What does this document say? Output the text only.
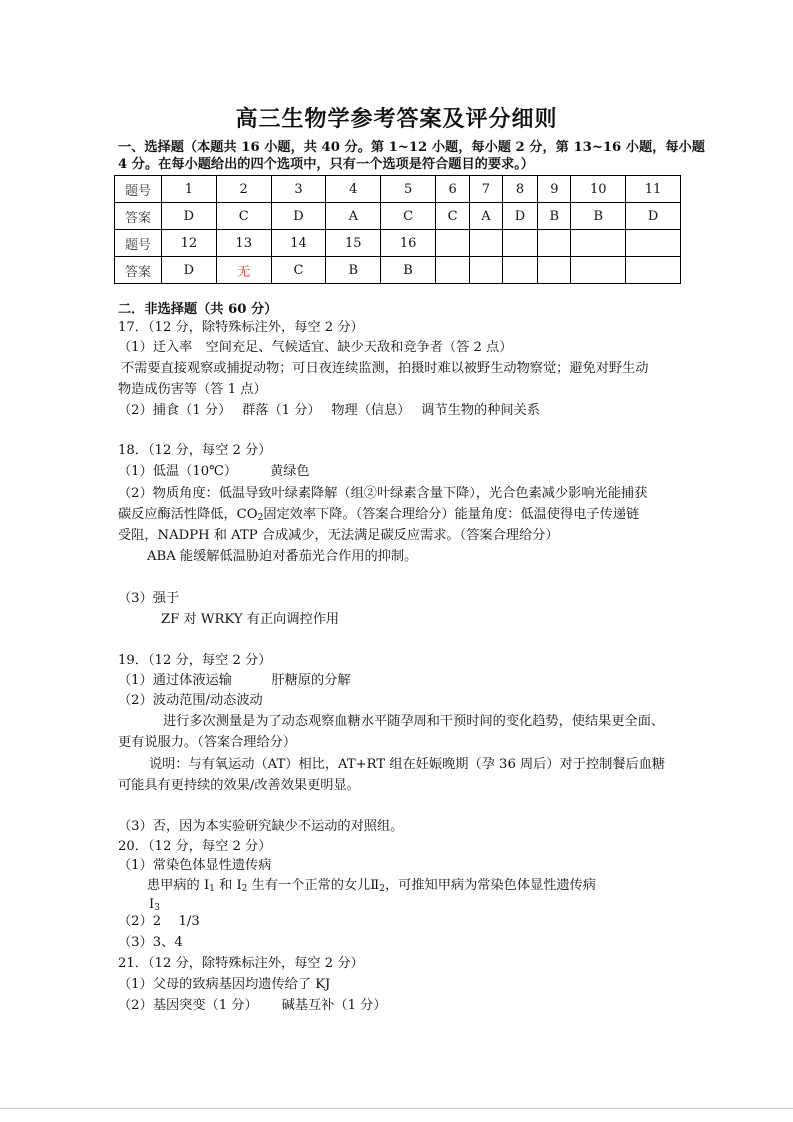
高三生物学参考答案及评分细则
一、选择题（本题共 16 小题，共 40 分。第 1~12 小题，每小题 2 分，第 13~16 小题，每小题
4 分。在每小题给出的四个选项中，只有一个选项是符合题目的要求。）
题号	1	2	3	4	5	6	7	8	9	10	11
答案	D	C	D	A	C	C	A	D	B	B	D
题号	12	13	14	15	16						
答案	D	无	C	B	B						
二．非选择题（共 60 分）
17．（12 分，除特殊标注外，每空 2 分）
（1）迁入率　空间充足、气候适宜、缺少天敌和竞争者（答 2 点）
不需要直接观察或捕捉动物；可日夜连续监测，拍摄时难以被野生动物察觉；避免对野生动
物造成伤害等（答 1 点）
（2）捕食（1 分）　 群落（1 分）　 物理（信息）　 调节生物的种间关系
18．（12 分，每空 2 分）
（1）低温（10℃）　　　黄绿色
（2）物质角度：低温导致叶绿素降解（组②叶绿素含量下降），光合色素减少影响光能捕获
碳反应酶活性降低，$CO_2$固定效率下降。（答案合理给分）能量角度：低温使得电子传递链
受阻，NADPH 和 ATP 合成减少，无法满足碳反应需求。（答案合理给分）
ABA 能缓解低温胁迫对番茄光合作用的抑制。
（3）强于
ZF 对 WRKY 有正向调控作用
19．（12 分，每空 2 分）
（1）通过体液运输　　　肝糖原的分解
（2）波动范围/动态波动
进行多次测量是为了动态观察血糖水平随孕周和干预时间的变化趋势，使结果更全面、
更有说服力。（答案合理给分）
说明：与有氧运动（AT）相比，AT+RT 组在妊娠晚期（孕 36 周后）对于控制餐后血糖
可能具有更持续的效果/改善效果更明显。
（3）否，因为本实验研究缺少不运动的对照组。
20．（12 分，每空 2 分）
（1）常染色体显性遗传病
患甲病的 $I_1$ 和 $I_2$ 生有一个正常的女儿$Ⅱ_2$，可推知甲病为常染色体显性遗传病
$Ⅰ_3$
（2）2　 1/3
（3）3、4
21．（12 分，除特殊标注外，每空 2 分）
（1）父母的致病基因均遗传给了 KJ
（2）基因突变（1 分）　　 碱基互补（1 分）
